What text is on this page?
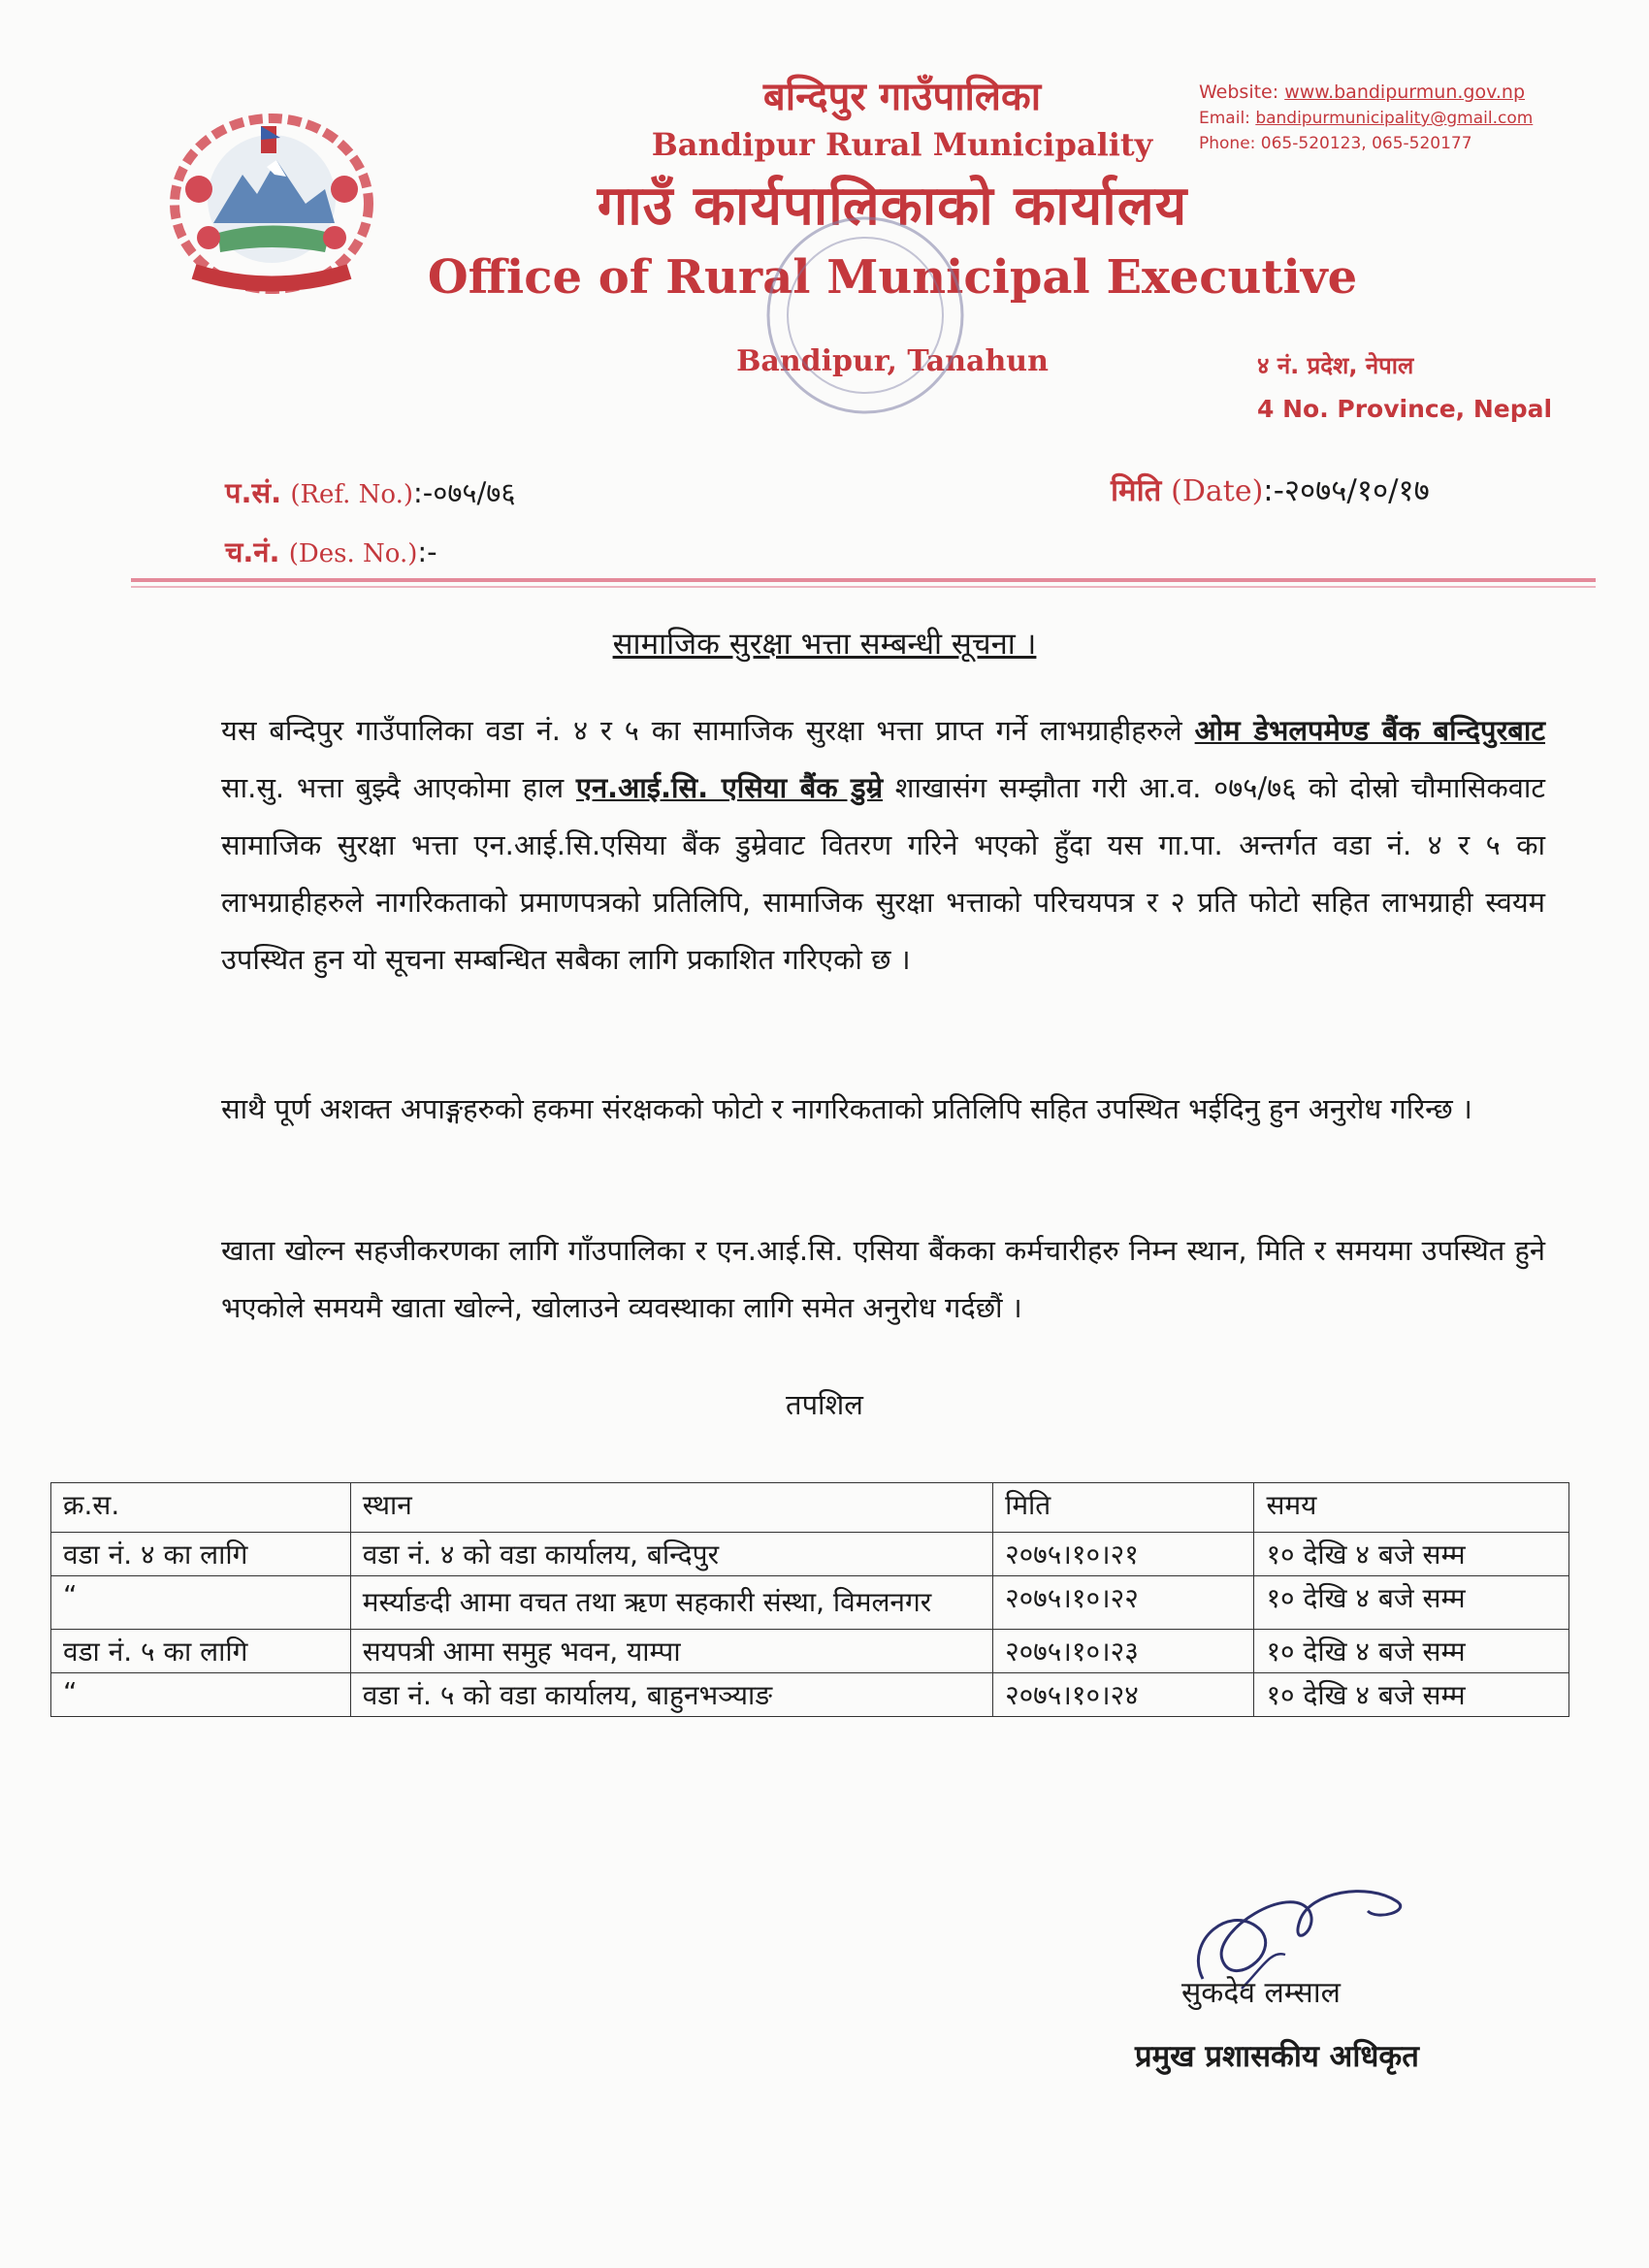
बन्दिपुर गाउँपालिका
Bandipur Rural Municipality
गाउँ कार्यपालिकाको कार्यालय
Office of Rural Municipal Executive
Bandipur, Tanahun
Website: www.bandipurmun.gov.np
Email: bandipurmunicipality@gmail.com
Phone: 065-520123, 065-520177
४ नं. प्रदेश, नेपाल
4 No. Province, Nepal
प.सं. (Ref. No.):-०७५/७६
च.नं. (Des. No.):-
मिति (Date):-२०७५/१०/१७
सामाजिक सुरक्षा भत्ता सम्बन्धी सूचना ।
यस बन्दिपुर गाउँपालिका वडा नं. ४ र ५ का सामाजिक सुरक्षा भत्ता प्राप्त गर्ने लाभग्राहीहरुले ओम डेभलपमेण्ड बैंक बन्दिपुरबाट सा.सु. भत्ता बुझ्दै आएकोमा हाल एन.आई.सि. एसिया बैंक डुम्रे शाखासंग सम्झौता गरी आ.व. ०७५/७६ को दोस्रो चौमासिकवाट सामाजिक सुरक्षा भत्ता एन.आई.सि.एसिया बैंक डुम्रेवाट वितरण गरिने भएको हुँदा यस गा.पा. अन्तर्गत वडा नं. ४ र ५ का लाभग्राहीहरुले नागरिकताको प्रमाणपत्रको प्रतिलिपि, सामाजिक सुरक्षा भत्ताको परिचयपत्र र २ प्रति फोटो सहित लाभग्राही स्वयम उपस्थित हुन यो सूचना सम्बन्धित सबैका लागि प्रकाशित गरिएको छ ।
साथै पूर्ण अशक्त अपाङ्गहरुको हकमा संरक्षकको फोटो र नागरिकताको प्रतिलिपि सहित उपस्थित भईदिनु हुन अनुरोध गरिन्छ ।
खाता खोल्न सहजीकरणका लागि गाँउपालिका र एन.आई.सि. एसिया बैंकका कर्मचारीहरु निम्न स्थान, मिति र समयमा उपस्थित हुने भएकोले समयमै खाता खोल्ने, खोलाउने व्यवस्थाका लागि समेत अनुरोध गर्दछौं ।
तपशिल
क्र.स.	स्थान	मिति	समय
वडा नं. ४ का लागि	वडा नं. ४ को वडा कार्यालय, बन्दिपुर	२०७५।१०।२१	१० देखि ४ बजे सम्म
“	मर्स्याङदी आमा वचत तथा ऋण सहकारी संस्था, विमलनगर	२०७५।१०।२२	१० देखि ४ बजे सम्म
वडा नं. ५ का लागि	सयपत्री आमा समुह भवन, याम्पा	२०७५।१०।२३	१० देखि ४ बजे सम्म
“	वडा नं. ५ को वडा कार्यालय, बाहुनभञ्याङ	२०७५।१०।२४	१० देखि ४ बजे सम्म
सुकदेव लम्साल
प्रमुख प्रशासकीय अधिकृत
